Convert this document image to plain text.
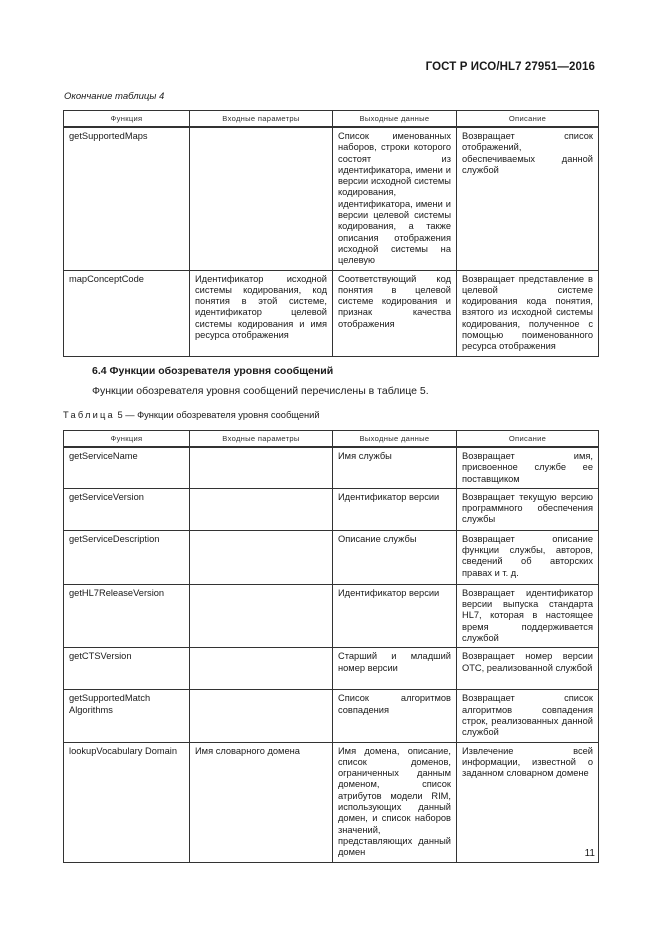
ГОСТ Р ИСО/HL7 27951—2016
Окончание таблицы 4
Функция	Входные параметры	Выходные данные	Описание
getSupportedMaps		Список именованных наборов, строки которого состоят из идентификатора, имени и версии исходной системы кодирования, идентификатора, имени и версии целевой системы кодирования, а также описания отображения исходной системы на целевую	Возвращает список отображений, обеспечиваемых данной службой
mapConceptCode	Идентификатор исходной системы кодирования, код понятия в этой системе, идентификатор целевой системы кодирования и имя ресурса отображения	Соответствующий код понятия в целевой системе кодирования и признак качества отображения	Возвращает представление в целевой системе кодирования кода понятия, взятого из исходной системы кодирования, полученное с помощью поименованного ресурса отображения
6.4 Функции обозревателя уровня сообщений
Функции обозревателя уровня сообщений перечислены в таблице 5.
Таблица 5 — Функции обозревателя уровня сообщений
Функция	Входные параметры	Выходные данные	Описание
getServiceName		Имя службы	Возвращает имя, присвоенное службе ее поставщиком
getServiceVersion		Идентификатор версии	Возвращает текущую версию программного обеспечения службы
getServiceDescription		Описание службы	Возвращает описание функции службы, авторов, сведений об авторских правах и т. д.
getHL7ReleaseVersion		Идентификатор версии	Возвращает идентификатор версии выпуска стандарта HL7, которая в настоящее время поддерживается службой
getCTSVersion		Старший и младший номер версии	Возвращает номер версии ОТС, реализованной службой
getSupportedMatch Algorithms		Список алгоритмов совпадения	Возвращает список алгоритмов совпадения строк, реализованных данной службой
lookupVocabulary Domain	Имя словарного домена	Имя домена, описание, список доменов, ограниченных данным доменом, список атрибутов модели RIM, использующих данный домен, и список наборов значений, представляющих данный домен	Извлечение всей информации, известной о заданном словарном домене
11
